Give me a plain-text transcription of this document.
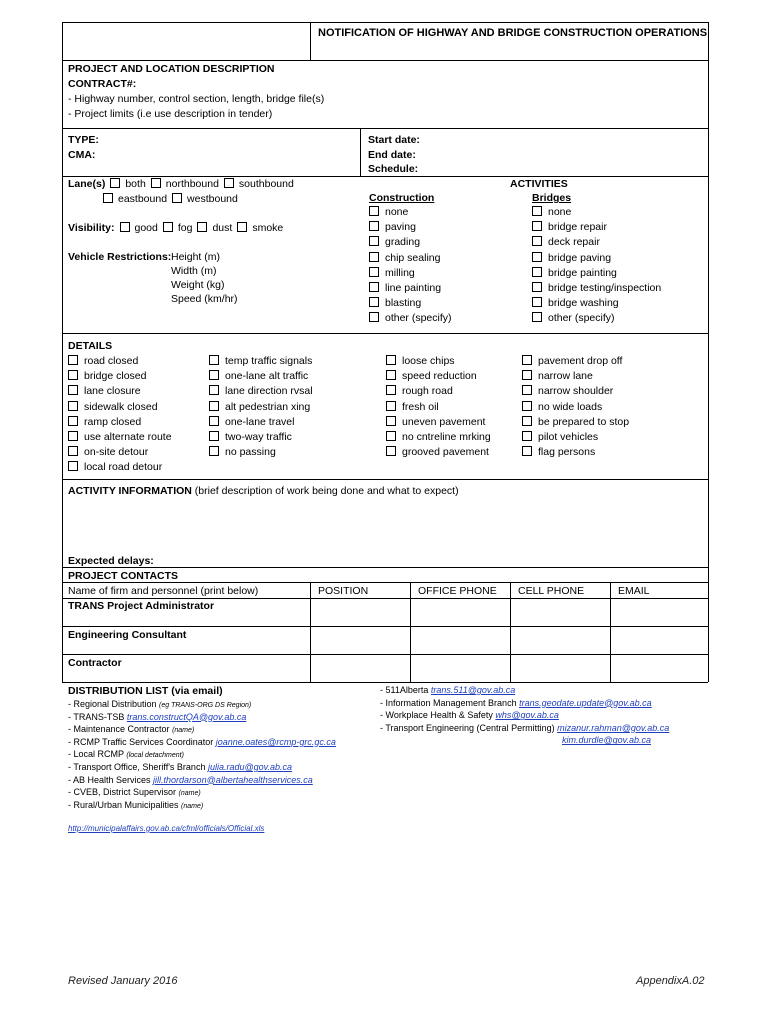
NOTIFICATION OF HIGHWAY AND BRIDGE CONSTRUCTION OPERATIONS
PROJECT AND LOCATION DESCRIPTION
CONTRACT#:
- Highway number, control section, length, bridge file(s)
- Project limits (i.e use description in tender)
TYPE:
CMA:
Start date:
End date:
Schedule:
Lane(s) both northbound southbound
eastbound westbound
Visibility: good fog dust smoke
Vehicle Restrictions: Height (m)
Width (m)
Weight (kg)
Speed (km/hr)
ACTIVITIES
Construction	Bridges
none
paving
grading
chip sealing
milling
line painting
blasting
other (specify)
none
bridge repair
deck repair
bridge paving
bridge painting
bridge testing/inspection
bridge washing
other (specify)
DETAILS
road closed
bridge closed
lane closure
sidewalk closed
ramp closed
use alternate route
on-site detour
local road detour
temp traffic signals
one-lane alt traffic
lane direction rvsal
alt pedestrian xing
one-lane travel
two-way traffic
no passing
loose chips
speed reduction
rough road
fresh oil
uneven pavement
no cntreline mrking
grooved pavement
pavement drop off
narrow lane
narrow shoulder
no wide loads
be prepared to stop
pilot vehicles
flag persons
ACTIVITY INFORMATION (brief description of work being done and what to expect)
Expected delays:
PROJECT CONTACTS
Name of firm and personnel (print below)	POSITION	OFFICE PHONE CELL PHONE	EMAIL
TRANS Project Administrator
Engineering Consultant
Contractor
DISTRIBUTION LIST (via email)
- Regional Distribution (eg TRANS-ORG DS Region)
- TRANS-TSB trans.constructQA@gov.ab.ca
- Maintenance Contractor (name)
- RCMP Traffic Services Coordinator joanne.oates@rcmp-grc.gc.ca
- Local RCMP (local detachment)
- Transport Office, Sheriff's Branch julia.radu@gov.ab.ca
- AB Health Services jill.thordarson@albertahealthservices.ca
- CVEB, District Supervisor (name)
- Rural/Urban Municipalities (name)
- 511Alberta trans.511@gov.ab.ca
- Information Management Branch trans.geodate.update@gov.ab.ca
- Workplace Health & Safety whs@gov.ab.ca
- Transport Engineering (Central Permitting) mizanur.rahman@gov.ab.ca
kim.durdle@gov.ab.ca
http://municipalaffairs.gov.ab.ca/cfml/officials/Official.xls
Revised January 2016	AppendixA.02
